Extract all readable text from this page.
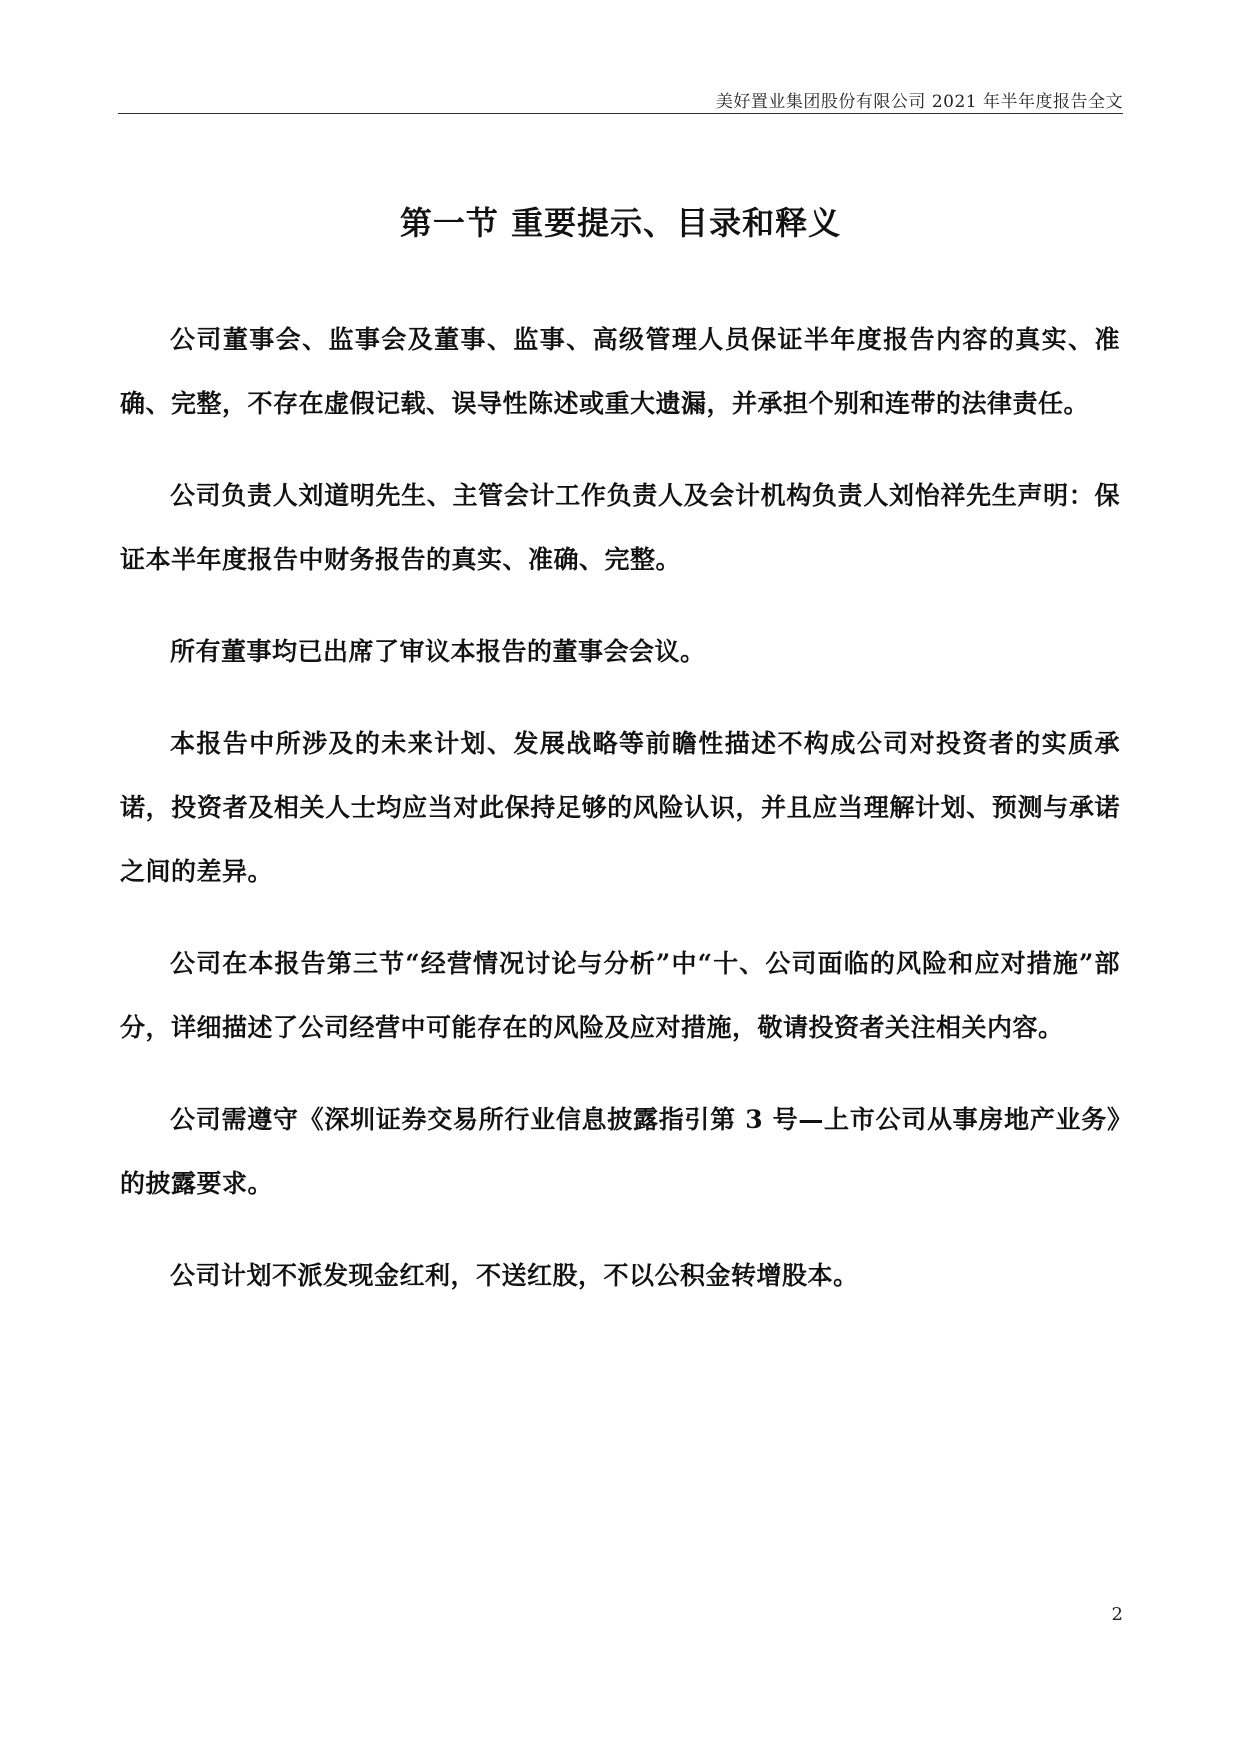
美好置业集团股份有限公司 2021 年半年度报告全文
第一节 重要提示、目录和释义

公司董事会、监事会及董事、监事、高级管理人员保证半年度报告内容的真实、准确、完整，不存在虚假记载、误导性陈述或重大遗漏，并承担个别和连带的法律责任。

公司负责人刘道明先生、主管会计工作负责人及会计机构负责人刘怡祥先生声明：保证本半年度报告中财务报告的真实、准确、完整。

所有董事均已出席了审议本报告的董事会会议。

本报告中所涉及的未来计划、发展战略等前瞻性描述不构成公司对投资者的实质承诺，投资者及相关人士均应当对此保持足够的风险认识，并且应当理解计划、预测与承诺之间的差异。

公司在本报告第三节“经营情况讨论与分析”中“十、公司面临的风险和应对措施”部分，详细描述了公司经营中可能存在的风险及应对措施，敬请投资者关注相关内容。

公司需遵守《深圳证券交易所行业信息披露指引第 3 号—上市公司从事房地产业务》的披露要求。

公司计划不派发现金红利，不送红股，不以公积金转增股本。

2
